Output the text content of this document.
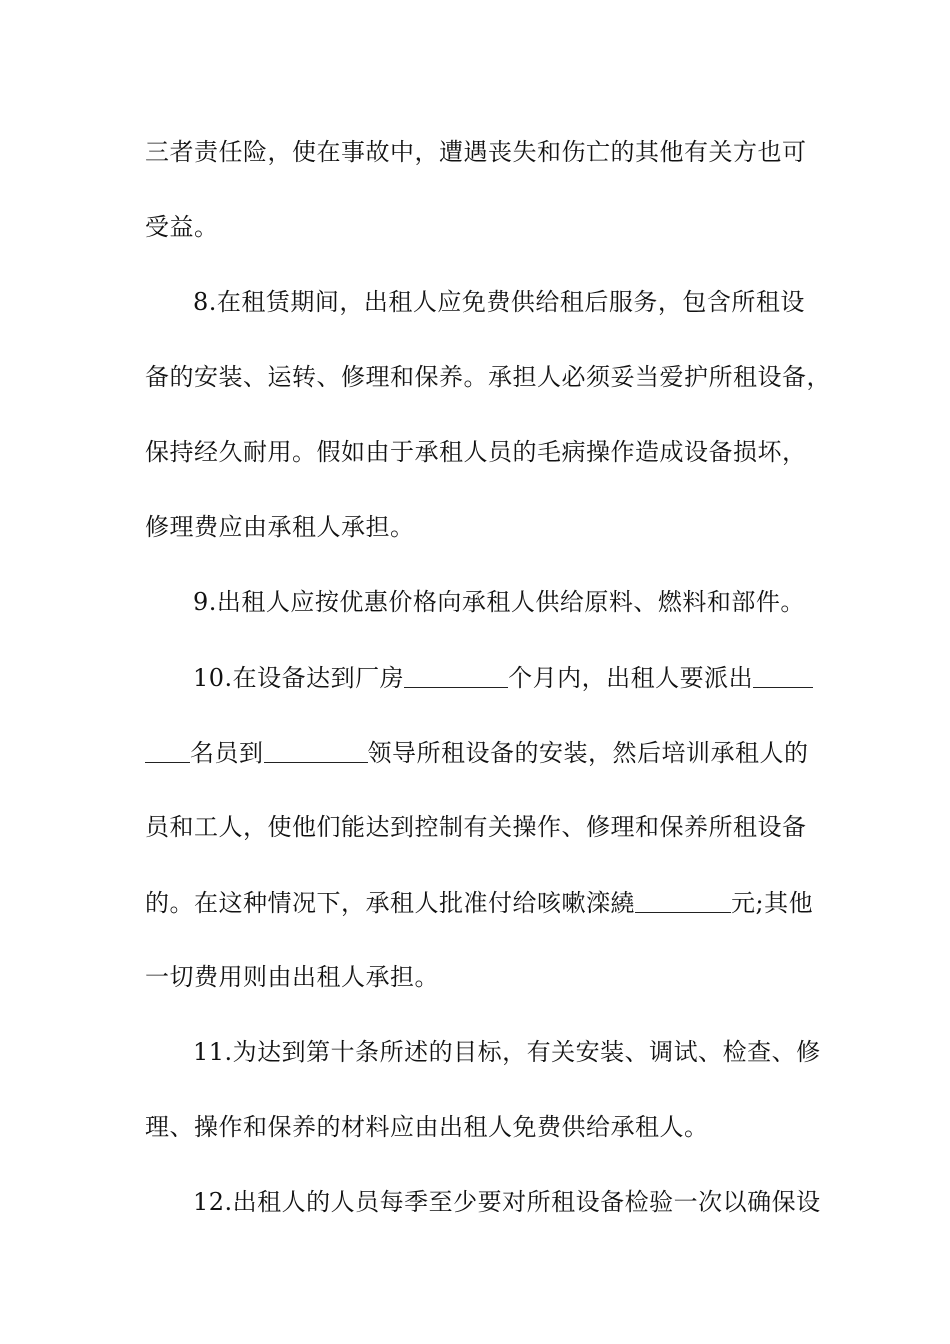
三者责任险，使在事故中，遭遇丧失和伤亡的其他有关方也可
受益。
8.在租赁期间，出租人应免费供给租后服务，包含所租设
备的安装、运转、修理和保养。承担人必须妥当爱护所租设备，
保持经久耐用。假如由于承租人员的毛病操作造成设备损坏，
修理费应由承租人承担。
9.出租人应按优惠价格向承租人供给原料、燃料和部件。
10.在设备达到厂房	个月内，出租人要派出
名员到	领导所租设备的安装，然后培训承租人的
员和工人，使他们能达到控制有关操作、修理和保养所租设备
的。在这种情况下，承租人批准付给咳嗽滦繞	元;其他
一切费用则由出租人承担。
11.为达到第十条所述的目标，有关安装、调试、检查、修
理、操作和保养的材料应由出租人免费供给承租人。
12.出租人的人员每季至少要对所租设备检验一次以确保设
